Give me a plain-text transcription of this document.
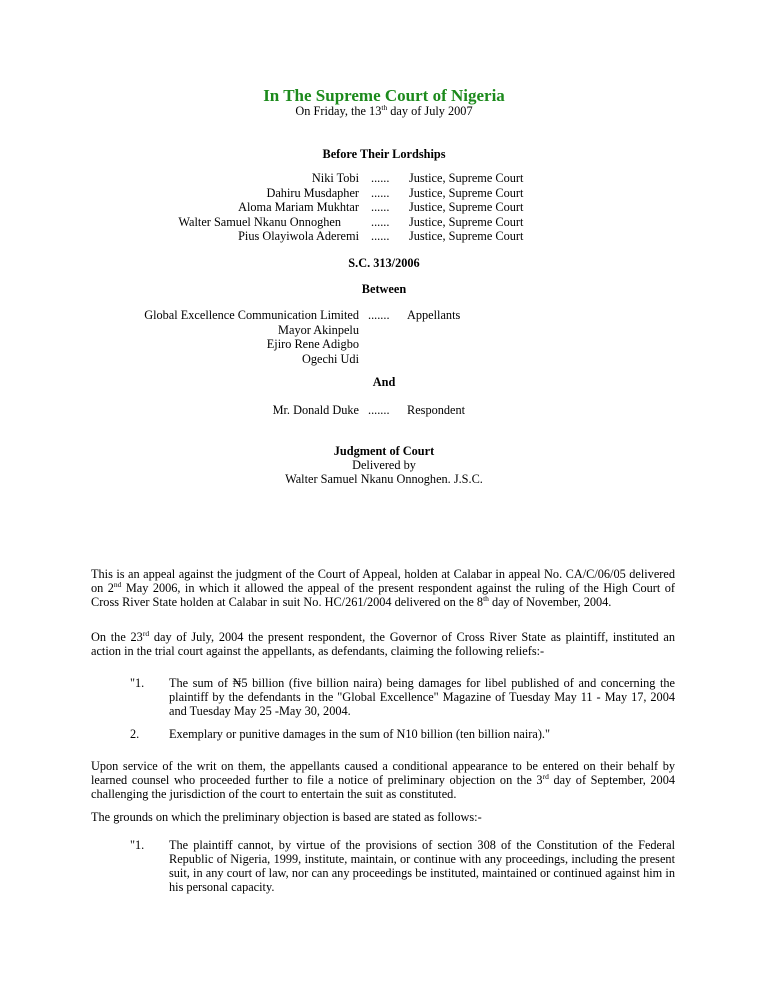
In The Supreme Court of Nigeria
On Friday, the 13th day of July 2007
Before Their Lordships
Niki Tobi ...... Justice, Supreme Court
Dahiru Musdapher ...... Justice, Supreme Court
Aloma Mariam Mukhtar ...... Justice, Supreme Court
Walter Samuel Nkanu Onnoghen ...... Justice, Supreme Court
Pius Olayiwola Aderemi ...... Justice, Supreme Court
S.C. 313/2006
Between
Global Excellence Communication Limited
Mayor Akinpelu
Ejiro Rene Adigbo
Ogechi Udi
....... Appellants
And
Mr. Donald Duke ....... Respondent
Judgment of Court
Delivered by
Walter Samuel Nkanu Onnoghen. J.S.C.

This is an appeal against the judgment of the Court of Appeal, holden at Calabar in appeal No. CA/C/06/05 delivered on 2nd May 2006, in which it allowed the appeal of the present respondent against the ruling of the High Court of Cross River State holden at Calabar in suit No. HC/261/2004 delivered on the 8th day of November, 2004.

On the 23rd day of July, 2004 the present respondent, the Governor of Cross River State as plaintiff, instituted an action in the trial court against the appellants, as defendants, claiming the following reliefs:-

"1. The sum of ₦5 billion (five billion naira) being damages for libel published of and concerning the plaintiff by the defendants in the "Global Excellence" Magazine of Tuesday May 11 - May 17, 2004 and Tuesday May 25 -May 30, 2004.
2. Exemplary or punitive damages in the sum of N10 billion (ten billion naira)."

Upon service of the writ on them, the appellants caused a conditional appearance to be entered on their behalf by learned counsel who proceeded further to file a notice of preliminary objection on the 3rd day of September, 2004 challenging the jurisdiction of the court to entertain the suit as constituted.

The grounds on which the preliminary objection is based are stated as follows:-

"1. The plaintiff cannot, by virtue of the provisions of section 308 of the Constitution of the Federal Republic of Nigeria, 1999, institute, maintain, or continue with any proceedings, including the present suit, in any court of law, nor can any proceedings be instituted, maintained or continued against him in his personal capacity.
